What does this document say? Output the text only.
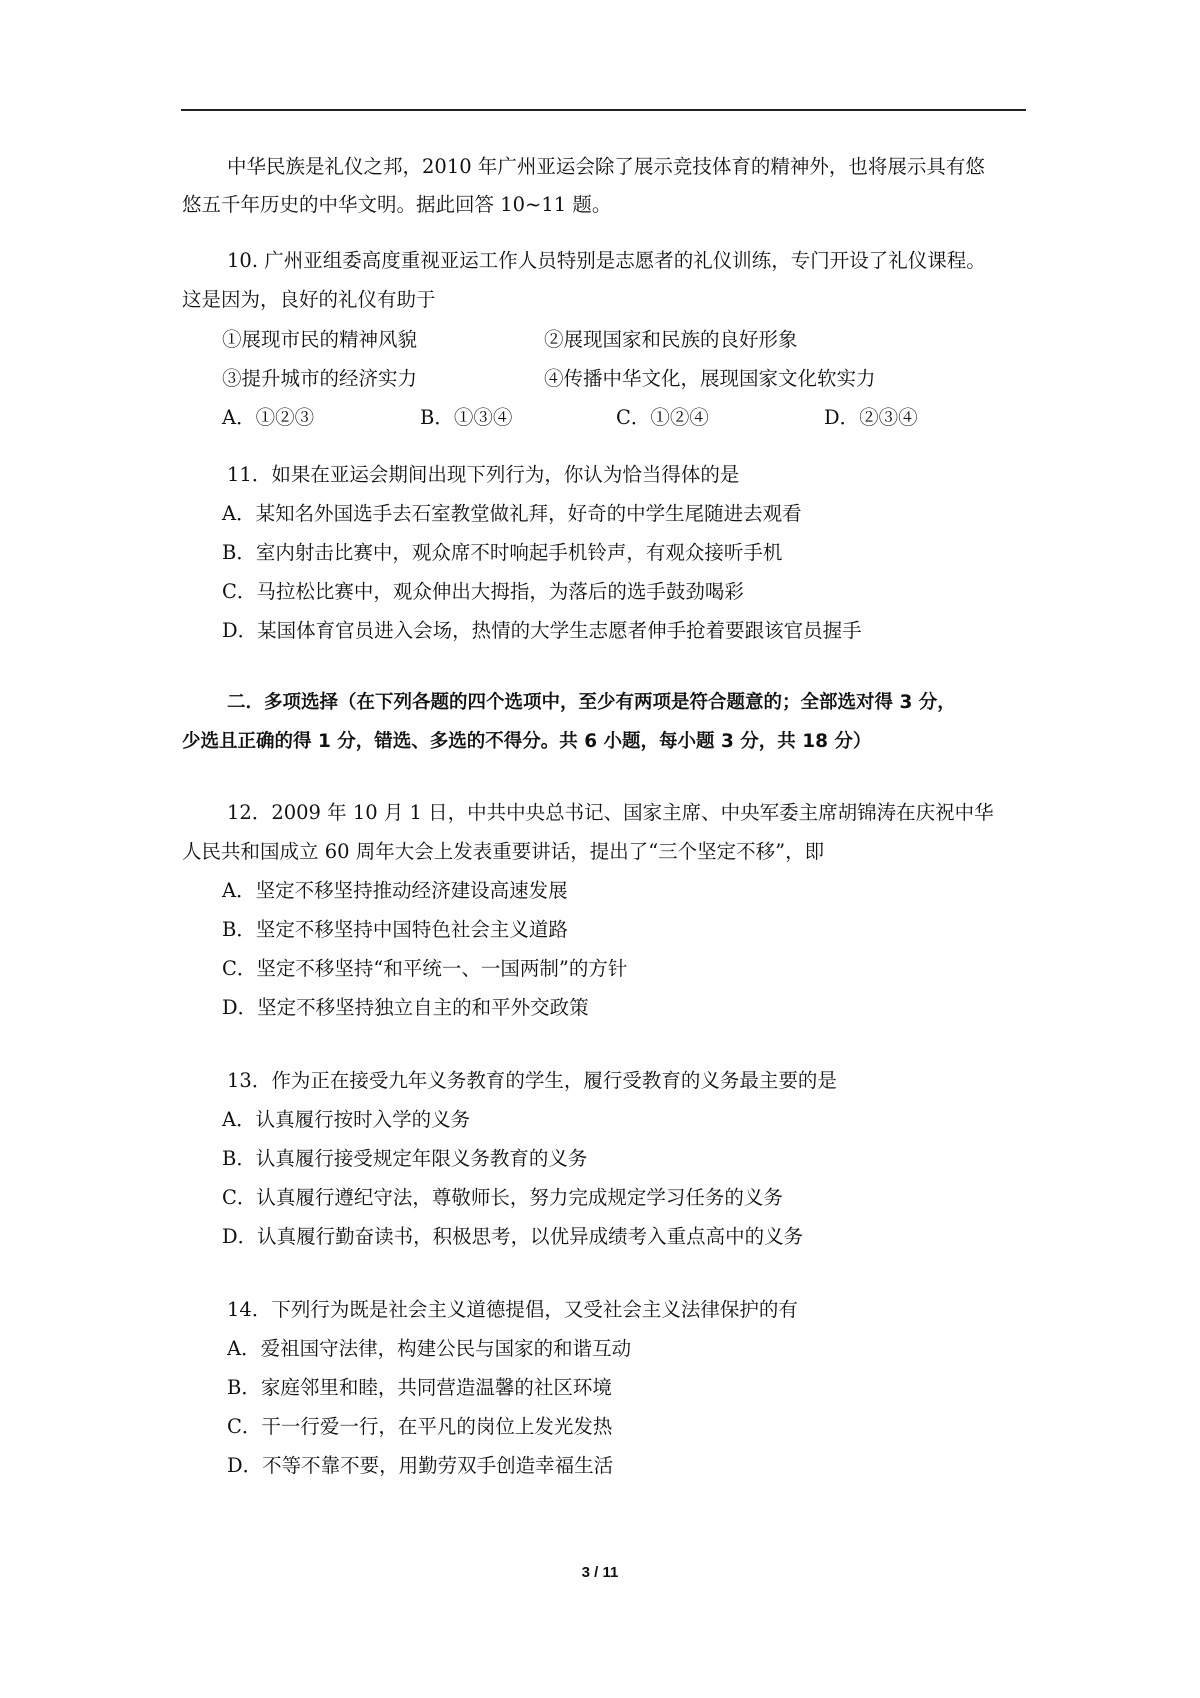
中华民族是礼仪之邦，2010 年广州亚运会除了展示竞技体育的精神外，也将展示具有悠
悠五千年历史的中华文明。据此回答 10~11 题。
10. 广州亚组委高度重视亚运工作人员特别是志愿者的礼仪训练，专门开设了礼仪课程。
这是因为，良好的礼仪有助于
①展现市民的精神风貌	②展现国家和民族的良好形象
③提升城市的经济实力	④传播中华文化，展现国家文化软实力
A．①②③	B．①③④	C．①②④	D．②③④
11．如果在亚运会期间出现下列行为，你认为恰当得体的是
A．某知名外国选手去石室教堂做礼拜，好奇的中学生尾随进去观看
B．室内射击比赛中，观众席不时响起手机铃声，有观众接听手机
C．马拉松比赛中，观众伸出大拇指，为落后的选手鼓劲喝彩
D．某国体育官员进入会场，热情的大学生志愿者伸手抢着要跟该官员握手
二．多项选择（在下列各题的四个选项中，至少有两项是符合题意的；全部选对得 3 分，
少选且正确的得 1 分，错选、多选的不得分。共 6 小题，每小题 3 分，共 18 分）
12．2009 年 10 月 1 日，中共中央总书记、国家主席、中央军委主席胡锦涛在庆祝中华
人民共和国成立 60 周年大会上发表重要讲话，提出了“三个坚定不移”，即
A．坚定不移坚持推动经济建设高速发展
B．坚定不移坚持中国特色社会主义道路
C．坚定不移坚持“和平统一、一国两制”的方针
D．坚定不移坚持独立自主的和平外交政策
13．作为正在接受九年义务教育的学生，履行受教育的义务最主要的是
A．认真履行按时入学的义务
B．认真履行接受规定年限义务教育的义务
C．认真履行遵纪守法，尊敬师长，努力完成规定学习任务的义务
D．认真履行勤奋读书，积极思考，以优异成绩考入重点高中的义务
14．下列行为既是社会主义道德提倡，又受社会主义法律保护的有
A．爱祖国守法律，构建公民与国家的和谐互动
B．家庭邻里和睦，共同营造温馨的社区环境
C．干一行爱一行，在平凡的岗位上发光发热
D．不等不靠不要，用勤劳双手创造幸福生活
3 / 11
